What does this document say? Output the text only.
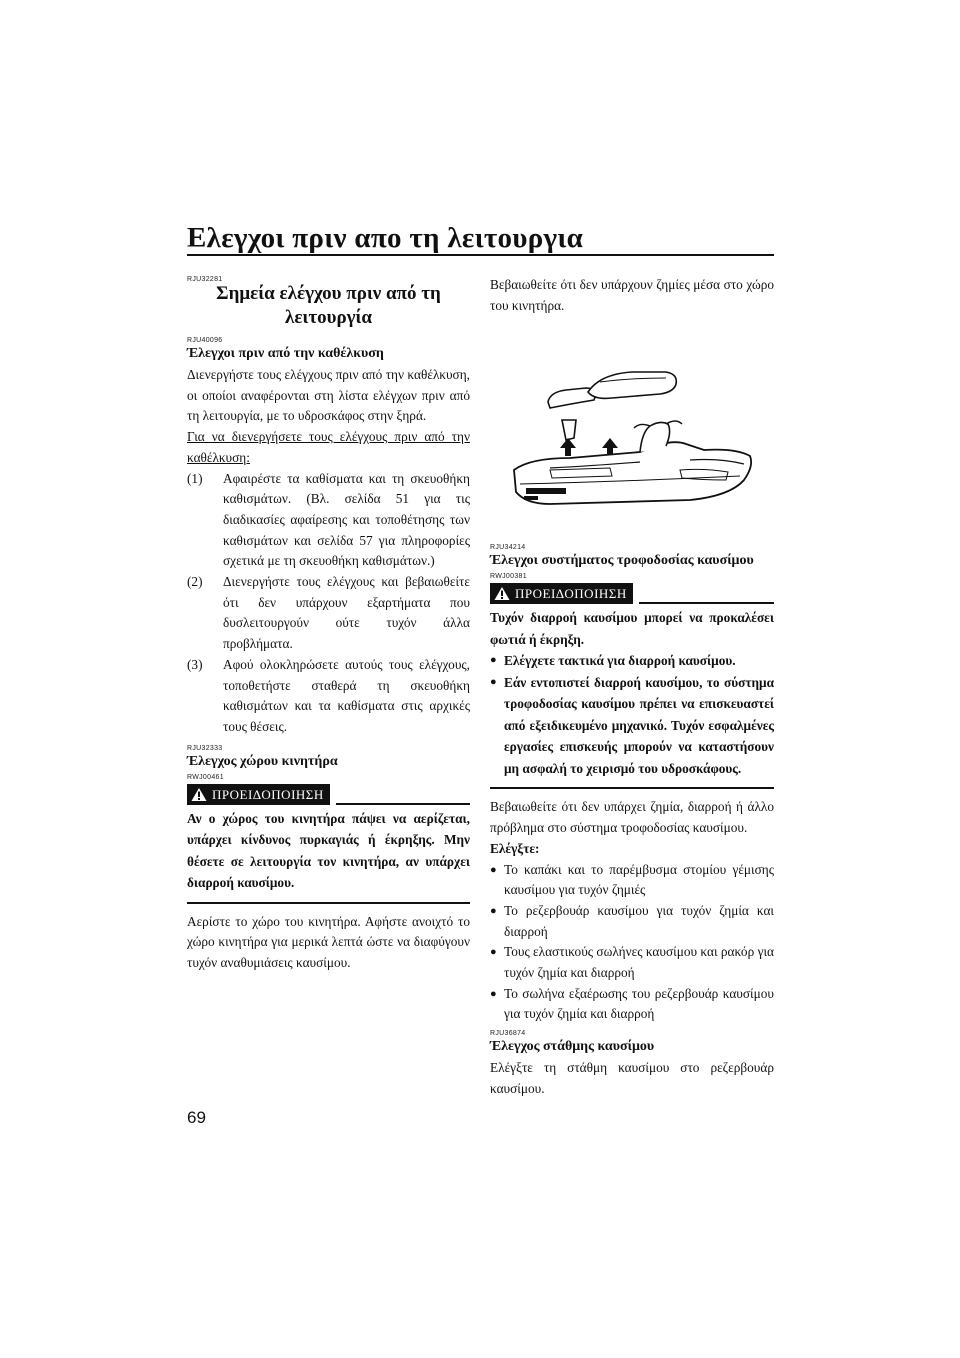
Ελεγχοι πριν απο τη λειτουργια
RJU32281
Σημεία ελέγχου πριν από τη
λειτουργία
RJU40096
Έλεγχοι πριν από την καθέλκυση

Διενεργήστε τους ελέγχους πριν από την καθέλκυση, οι οποίοι αναφέρονται στη λίστα ελέγχων πριν από τη λειτουργία, με το υδροσκάφος στην ξηρά.

Για να διενεργήσετε τους ελέγχους πριν από την καθέλκυση:

(1)	Αφαιρέστε τα καθίσματα και τη σκευοθήκη καθισμάτων. (Βλ. σελίδα 51 για τις διαδικασίες αφαίρεσης και τοποθέτησης των καθισμάτων και σελίδα 57 για πληροφορίες σχετικά με τη σκευοθήκη καθισμάτων.)
(2)	Διενεργήστε τους ελέγχους και βεβαιωθείτε ότι δεν υπάρχουν εξαρτήματα που δυσλειτουργούν ούτε τυχόν άλλα προβλήματα.
(3)	Αφού ολοκληρώσετε αυτούς τους ελέγχους, τοποθετήστε σταθερά τη σκευοθήκη καθισμάτων και τα καθίσματα στις αρχικές τους θέσεις.
RJU32333
Έλεγχος χώρου κινητήρα
RWJ00461
ΠΡΟΕΙΔΟΠΟΙΗΣΗ
Αν ο χώρος του κινητήρα πάψει να αερίζεται, υπάρχει κίνδυνος πυρκαγιάς ή έκρηξης. Μην θέσετε σε λειτουργία τον κινητήρα, αν υπάρχει διαρροή καυσίμου.

Αερίστε το χώρο του κινητήρα. Αφήστε ανοιχτό το χώρο κινητήρα για μερικά λεπτά ώστε να διαφύγουν τυχόν αναθυμιάσεις καυσίμου.

Βεβαιωθείτε ότι δεν υπάρχουν ζημίες μέσα στο χώρο του κινητήρα.

RJU34214
Έλεγχοι συστήματος τροφοδοσίας καυσίμου
RWJ00381
ΠΡΟΕΙΔΟΠΟΙΗΣΗ
Τυχόν διαρροή καυσίμου μπορεί να προκαλέσει φωτιά ή έκρηξη.
● Ελέγχετε τακτικά για διαρροή καυσίμου.
● Εάν εντοπιστεί διαρροή καυσίμου, το σύστημα τροφοδοσίας καυσίμου πρέπει να επισκευαστεί από εξειδικευμένο μηχανικό. Τυχόν εσφαλμένες εργασίες επισκευής μπορούν να καταστήσουν μη ασφαλή το χειρισμό του υδροσκάφους.

Βεβαιωθείτε ότι δεν υπάρχει ζημία, διαρροή ή άλλο πρόβλημα στο σύστημα τροφοδοσίας καυσίμου.

Ελέγξτε:

● Το καπάκι και το παρέμβυσμα στομίου γέμισης καυσίμου για τυχόν ζημιές
● Το ρεζερβουάρ καυσίμου για τυχόν ζημία και διαρροή
● Τους ελαστικούς σωλήνες καυσίμου και ρακόρ για τυχόν ζημία και διαρροή
● Το σωλήνα εξαέρωσης του ρεζερβουάρ καυσίμου για τυχόν ζημία και διαρροή
RJU36874
Έλεγχος στάθμης καυσίμου

Ελέγξτε τη στάθμη καυσίμου στο ρεζερβουάρ καυσίμου.

69
